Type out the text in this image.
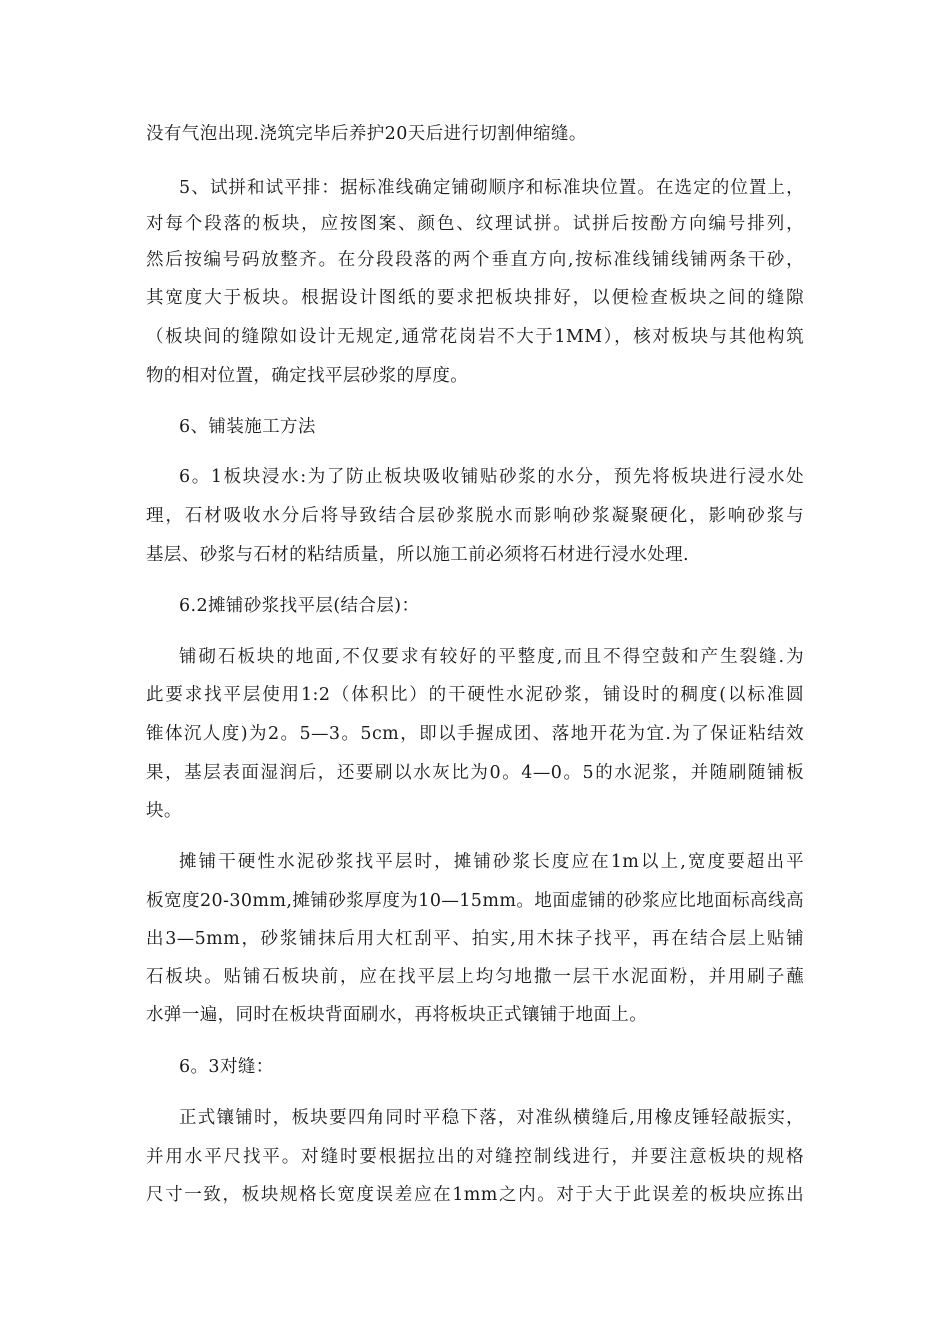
没有气泡出现.浇筑完毕后养护20天后进行切割伸缩缝。
5、试拼和试平排：据标准线确定铺砌顺序和标准块位置。在选定的位置上，
对每个段落的板块，应按图案、颜色、纹理试拼。试拼后按酚方向编号排列，
然后按编号码放整齐。在分段段落的两个垂直方向,按标准线铺线铺两条干砂，
其宽度大于板块。根据设计图纸的要求把板块排好，以便检查板块之间的缝隙
（板块间的缝隙如设计无规定,通常花岗岩不大于1MM），核对板块与其他构筑
物的相对位置，确定找平层砂浆的厚度。
6、铺装施工方法
6。1板块浸水:为了防止板块吸收铺贴砂浆的水分，预先将板块进行浸水处
理，石材吸收水分后将导致结合层砂浆脱水而影响砂浆凝聚硬化，影响砂浆与
基层、砂浆与石材的粘结质量，所以施工前必须将石材进行浸水处理.
6.2摊铺砂浆找平层(结合层)：
铺砌石板块的地面,不仅要求有较好的平整度,而且不得空鼓和产生裂缝.为
此要求找平层使用1:2（体积比）的干硬性水泥砂浆，铺设时的稠度(以标准圆
锥体沉人度)为2。5—3。5cm，即以手握成团、落地开花为宜.为了保证粘结效
果，基层表面湿润后，还要刷以水灰比为0。4—0。5的水泥浆，并随刷随铺板
块。
摊铺干硬性水泥砂浆找平层时，摊铺砂浆长度应在1m以上,宽度要超出平
板宽度20-30mm,摊铺砂浆厚度为10—15mm。地面虚铺的砂浆应比地面标高线高
出3—5mm，砂浆铺抹后用大杠刮平、拍实,用木抹子找平，再在结合层上贴铺
石板块。贴铺石板块前，应在找平层上均匀地撒一层干水泥面粉，并用刷子蘸
水弹一遍，同时在板块背面刷水，再将板块正式镶铺于地面上。
6。3对缝：
正式镶铺时，板块要四角同时平稳下落，对准纵横缝后,用橡皮锤轻敲振实，
并用水平尺找平。对缝时要根据拉出的对缝控制线进行，并要注意板块的规格
尺寸一致，板块规格长宽度误差应在1mm之内。对于大于此误差的板块应拣出
